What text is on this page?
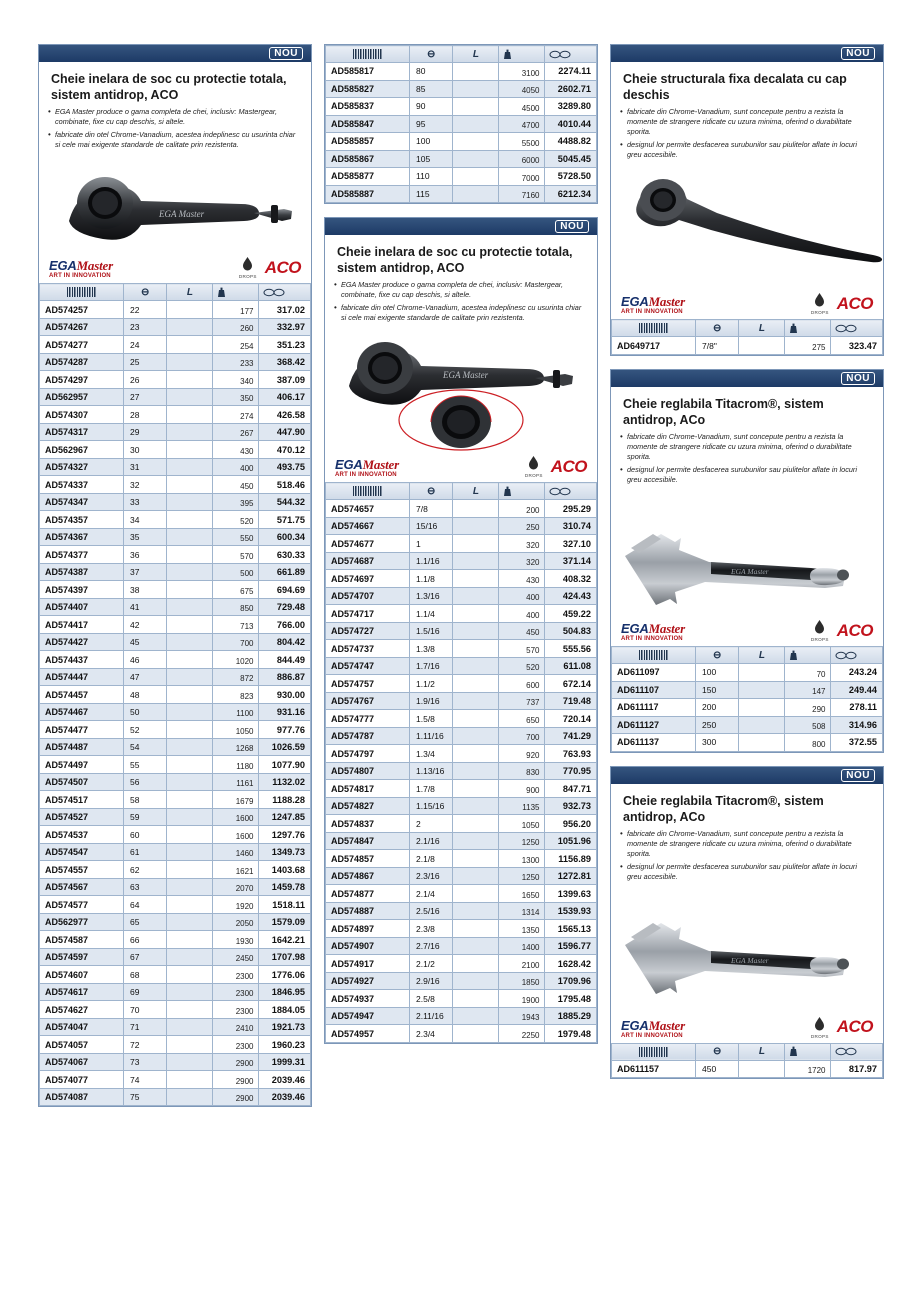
NOU
Cheie inelara de soc cu protectie totala, sistem antidrop, ACO
• EGA Master produce o gama completa de chei, inclusiv: Mastergear, combinate, fixe cu cap deschis, si altele.
• fabricate din otel Chrome-Vanadium, acestea indeplinesc cu usurinta chiar si cele mai exigente standarde de calitate prin rezistenta.
EGA Master
EGAMaster
ART IN INNOVATION	DROPS ACO
	⊖	L	

AD574257	22		177	317.02
AD574267	23		260	332.97
AD574277	24		254	351.23
AD574287	25		233	368.42
AD574297	26		340	387.09
AD562957	27		350	406.17
AD574307	28		274	426.58
AD574317	29		267	447.90
AD562967	30		430	470.12
AD574327	31		400	493.75
AD574337	32		450	518.46
AD574347	33		395	544.32
AD574357	34		520	571.75
AD574367	35		550	600.34
AD574377	36		570	630.33
AD574387	37		500	661.89
AD574397	38		675	694.69
AD574407	41		850	729.48
AD574417	42		713	766.00
AD574427	45		700	804.42
AD574437	46		1020	844.49
AD574447	47		872	886.87
AD574457	48		823	930.00
AD574467	50		1100	931.16
AD574477	52		1050	977.76
AD574487	54		1268	1026.59
AD574497	55		1180	1077.90
AD574507	56		1161	1132.02
AD574517	58		1679	1188.28
AD574527	59		1600	1247.85
AD574537	60		1600	1297.76
AD574547	61		1460	1349.73
AD574557	62		1621	1403.68
AD574567	63		2070	1459.78
AD574577	64		1920	1518.11
AD562977	65		2050	1579.09
AD574587	66		1930	1642.21
AD574597	67		2450	1707.98
AD574607	68		2300	1776.06
AD574617	69		2300	1846.95
AD574627	70		2300	1884.05
AD574047	71		2410	1921.73
AD574057	72		2300	1960.23
AD574067	73		2900	1999.31
AD574077	74		2900	2039.46
AD574087	75		2900	2039.46
	⊖	L	

AD585817	80		3100	2274.11
AD585827	85		4050	2602.71
AD585837	90		4500	3289.80
AD585847	95		4700	4010.44
AD585857	100		5500	4488.82
AD585867	105		6000	5045.45
AD585877	110		7000	5728.50
AD585887	115		7160	6212.34
NOU
Cheie inelara de soc cu protectie totala, sistem antidrop, ACO
• EGA Master produce o gama completa de chei, inclusiv: Mastergear, combinate, fixe cu cap deschis, si altele.
• fabricate din otel Chrome-Vanadium, acestea indeplinesc cu usurinta chiar si cele mai exigente standarde de calitate prin rezistenta.
EGA Master
EGAMaster
ART IN INNOVATION	DROPS ACO
	⊖	L	

AD574657	7/8		200	295.29
AD574667	15/16		250	310.74
AD574677	1		320	327.10
AD574687	1.1/16		320	371.14
AD574697	1.1/8		430	408.32
AD574707	1.3/16		400	424.43
AD574717	1.1/4		400	459.22
AD574727	1.5/16		450	504.83
AD574737	1.3/8		570	555.56
AD574747	1.7/16		520	611.08
AD574757	1.1/2		600	672.14
AD574767	1.9/16		737	719.48
AD574777	1.5/8		650	720.14
AD574787	1.11/16		700	741.29
AD574797	1.3/4		920	763.93
AD574807	1.13/16		830	770.95
AD574817	1.7/8		900	847.71
AD574827	1.15/16		1135	932.73
AD574837	2		1050	956.20
AD574847	2.1/16		1250	1051.96
AD574857	2.1/8		1300	1156.89
AD574867	2.3/16		1250	1272.81
AD574877	2.1/4		1650	1399.63
AD574887	2.5/16		1314	1539.93
AD574897	2.3/8		1350	1565.13
AD574907	2.7/16		1400	1596.77
AD574917	2.1/2		2100	1628.42
AD574927	2.9/16		1850	1709.96
AD574937	2.5/8		1900	1795.48
AD574947	2.11/16		1943	1885.29
AD574957	2.3/4		2250	1979.48
NOU
Cheie structurala fixa decalata cu cap deschis
• fabricate din Chrome-Vanadium, sunt concepute pentru a rezista la momente de strangere ridicate cu uzura minima, oferind o durabilitate sporita.
• designul lor permite desfacerea surubunilor sau piulitelor aflate in locuri greu accesibile.
EGAMaster
ART IN INNOVATION	DROPS ACO
	⊖	L	

AD649717	7/8"		275	323.47
NOU
Cheie reglabila Titacrom®, sistem antidrop, ACo
• fabricate din Chrome-Vanadium, sunt concepute pentru a rezista la momente de strangere ridicate cu uzura minima, oferind o durabilitate sporita.
• designul lor permite desfacerea surubunilor sau piulitelor aflate in locuri greu accesibile.
EGA Master
EGAMaster
ART IN INNOVATION	DROPS ACO
	⊖	L	

AD611097	100		70	243.24
AD611107	150		147	249.44
AD611117	200		290	278.11
AD611127	250		508	314.96
AD611137	300		800	372.55
NOU
Cheie reglabila Titacrom®, sistem antidrop, ACo
• fabricate din Chrome-Vanadium, sunt concepute pentru a rezista la momente de strangere ridicate cu uzura minima, oferind o durabilitate sporita.
• designul lor permite desfacerea surubunilor sau piulitelor aflate in locuri greu accesibile.
EGA Master
EGAMaster
ART IN INNOVATION	DROPS ACO
	⊖	L	

AD611157	450		1720	817.97
